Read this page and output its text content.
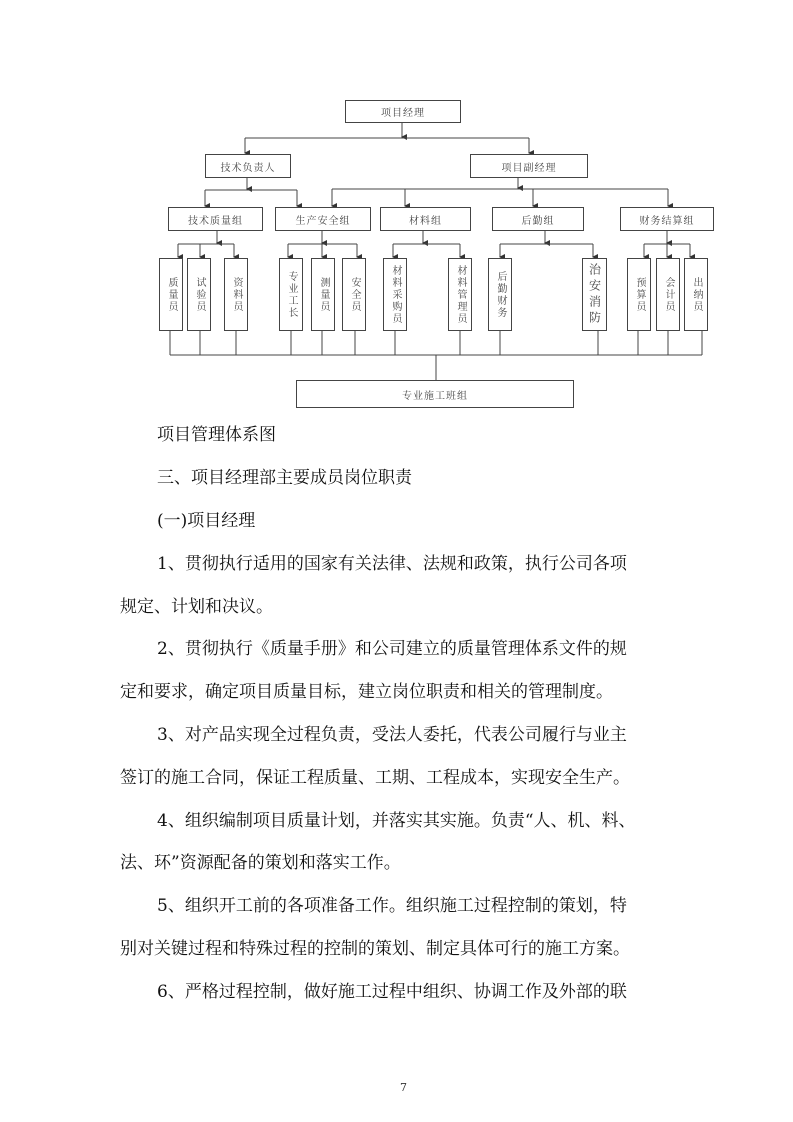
项目经理
技术负责人	项目副经理
技术质量组	生产安全组	材料组	后勤组	财务结算组
质量员	试验员	资料员	专业工长	测量员	安全员	材料采购员	材料管理员	后勤财务	治安消防	预算员	会计员	出纳员
专业施工班组
项目管理体系图
三、项目经理部主要成员岗位职责
(一)项目经理
1、贯彻执行适用的国家有关法律、法规和政策，执行公司各项
规定、计划和决议。
2、贯彻执行《质量手册》和公司建立的质量管理体系文件的规
定和要求，确定项目质量目标，建立岗位职责和相关的管理制度。
3、对产品实现全过程负责，受法人委托，代表公司履行与业主
签订的施工合同，保证工程质量、工期、工程成本，实现安全生产。
4、组织编制项目质量计划，并落实其实施。负责“人、机、料、
法、环”资源配备的策划和落实工作。
5、组织开工前的各项准备工作。组织施工过程控制的策划，特
别对关键过程和特殊过程的控制的策划、制定具体可行的施工方案。
6、严格过程控制，做好施工过程中组织、协调工作及外部的联
7
